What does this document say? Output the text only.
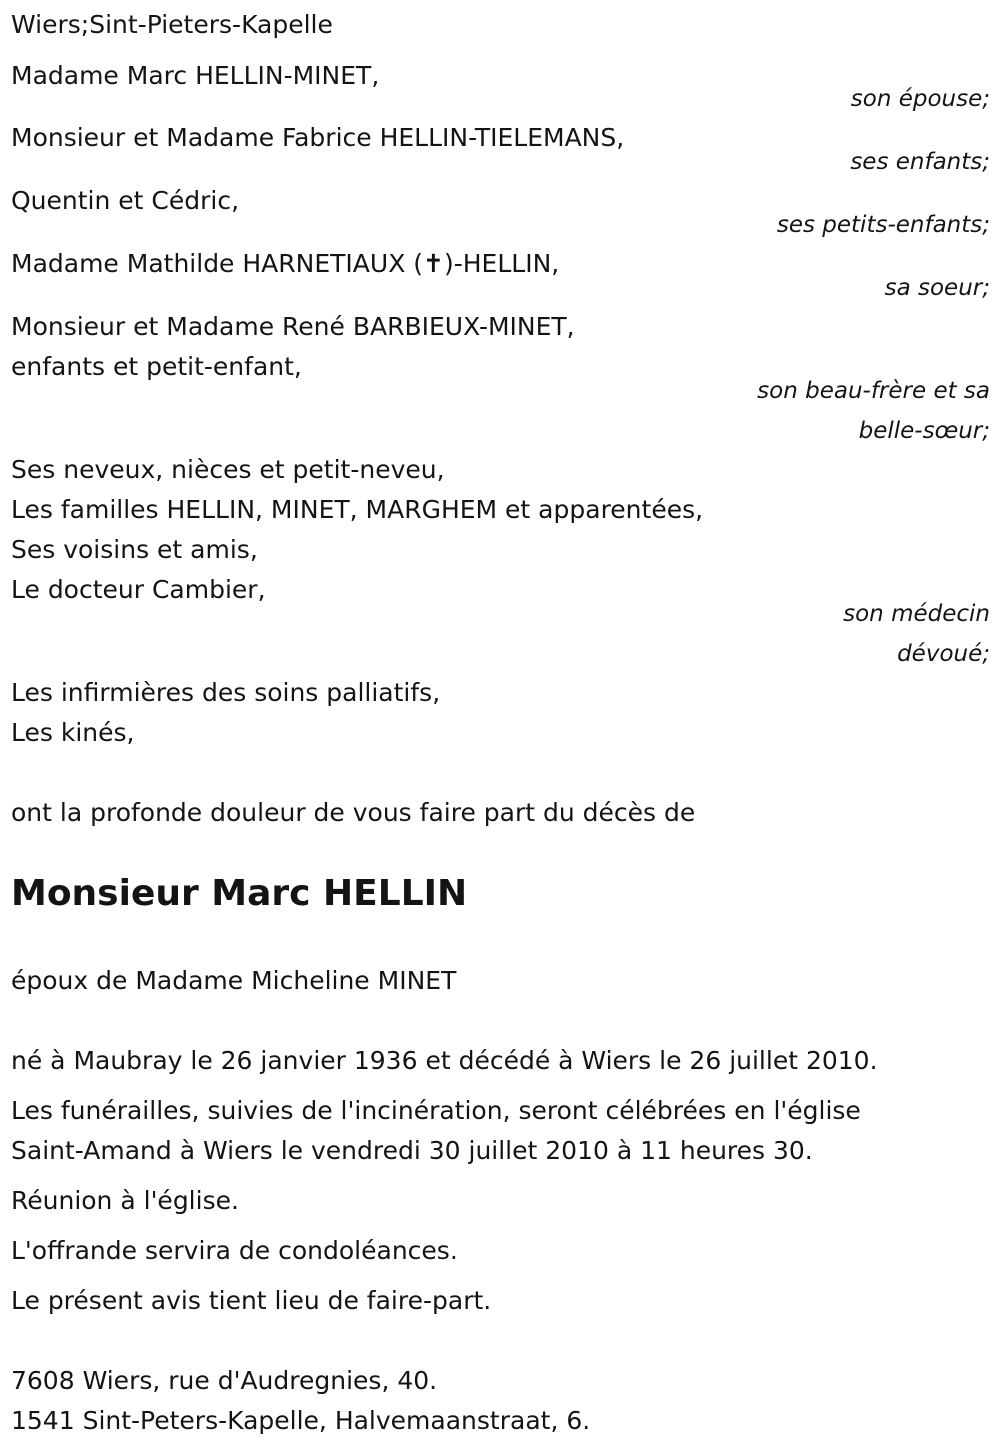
Wiers;Sint-Pieters-Kapelle
Madame Marc HELLIN-MINET,
son épouse;
Monsieur et Madame Fabrice HELLIN-TIELEMANS,
ses enfants;
Quentin et Cédric,
ses petits-enfants;
Madame Mathilde HARNETIAUX (✝)-HELLIN,
sa soeur;
Monsieur et Madame René BARBIEUX-MINET,
enfants et petit-enfant,
son beau-frère et sa
belle-sœur;
Ses neveux, nièces et petit-neveu,
Les familles HELLIN, MINET, MARGHEM et apparentées,
Ses voisins et amis,
Le docteur Cambier,
son médecin
dévoué;
Les infirmières des soins palliatifs,
Les kinés,
ont la profonde douleur de vous faire part du décès de
Monsieur Marc HELLIN
époux de Madame Micheline MINET
né à Maubray le 26 janvier 1936 et décédé à Wiers le 26 juillet 2010.
Les funérailles, suivies de l'incinération, seront célébrées en l'église
Saint-Amand à Wiers le vendredi 30 juillet 2010 à 11 heures 30.
Réunion à l'église.
L'offrande servira de condoléances.
Le présent avis tient lieu de faire-part.
7608 Wiers, rue d'Audregnies, 40.
1541 Sint-Peters-Kapelle, Halvemaanstraat, 6.
